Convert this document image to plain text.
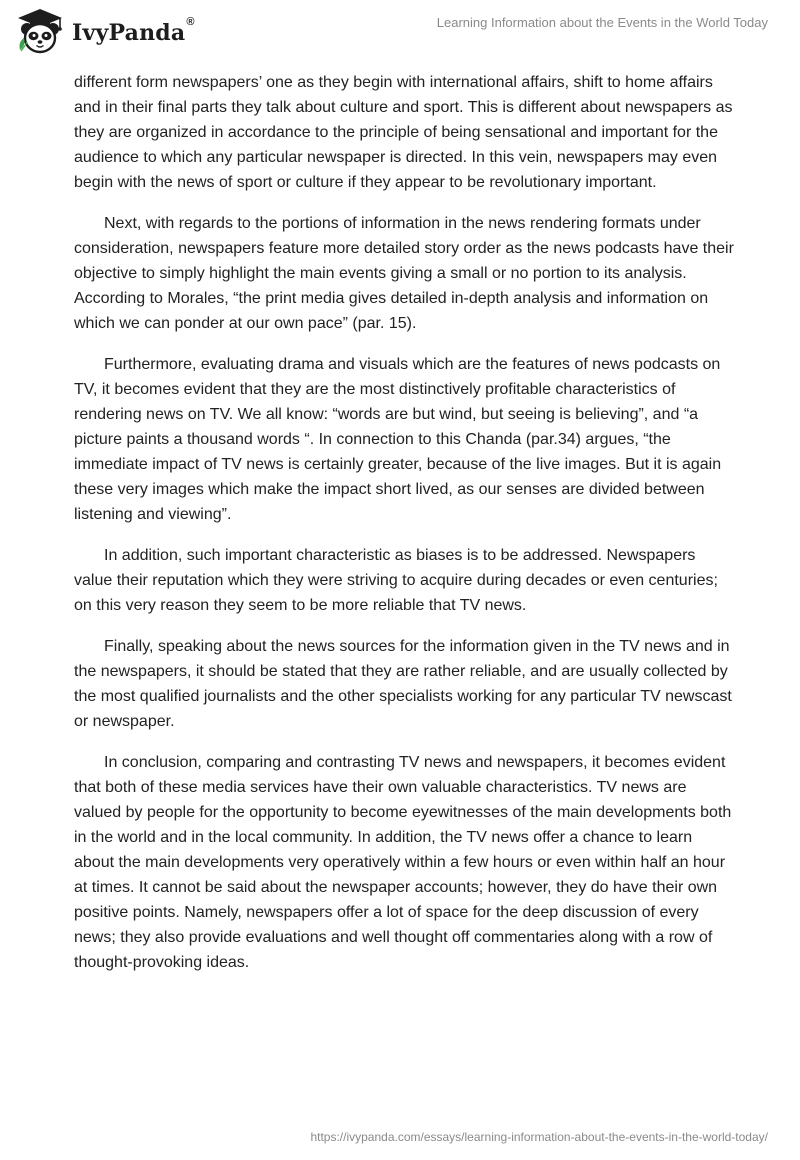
IvyPanda®	Learning Information about the Events in the World Today

different form newspapers’ one as they begin with international affairs, shift to home affairs and in their final parts they talk about culture and sport. This is different about newspapers as they are organized in accordance to the principle of being sensational and important for the audience to which any particular newspaper is directed. In this vein, newspapers may even begin with the news of sport or culture if they appear to be revolutionary important.

Next, with regards to the portions of information in the news rendering formats under consideration, newspapers feature more detailed story order as the news podcasts have their objective to simply highlight the main events giving a small or no portion to its analysis. According to Morales, “the print media gives detailed in-depth analysis and information on which we can ponder at our own pace” (par. 15).

Furthermore, evaluating drama and visuals which are the features of news podcasts on TV, it becomes evident that they are the most distinctively profitable characteristics of rendering news on TV. We all know: “words are but wind, but seeing is believing”, and “a picture paints a thousand words “. In connection to this Chanda (par.34) argues, “the immediate impact of TV news is certainly greater, because of the live images. But it is again these very images which make the impact short lived, as our senses are divided between listening and viewing”.

In addition, such important characteristic as biases is to be addressed. Newspapers value their reputation which they were striving to acquire during decades or even centuries; on this very reason they seem to be more reliable that TV news.

Finally, speaking about the news sources for the information given in the TV news and in the newspapers, it should be stated that they are rather reliable, and are usually collected by the most qualified journalists and the other specialists working for any particular TV newscast or newspaper.

In conclusion, comparing and contrasting TV news and newspapers, it becomes evident that both of these media services have their own valuable characteristics. TV news are valued by people for the opportunity to become eyewitnesses of the main developments both in the world and in the local community. In addition, the TV news offer a chance to learn about the main developments very operatively within a few hours or even within half an hour at times. It cannot be said about the newspaper accounts; however, they do have their own positive points. Namely, newspapers offer a lot of space for the deep discussion of every news; they also provide evaluations and well thought off commentaries along with a row of thought-provoking ideas.

https://ivypanda.com/essays/learning-information-about-the-events-in-the-world-today/
